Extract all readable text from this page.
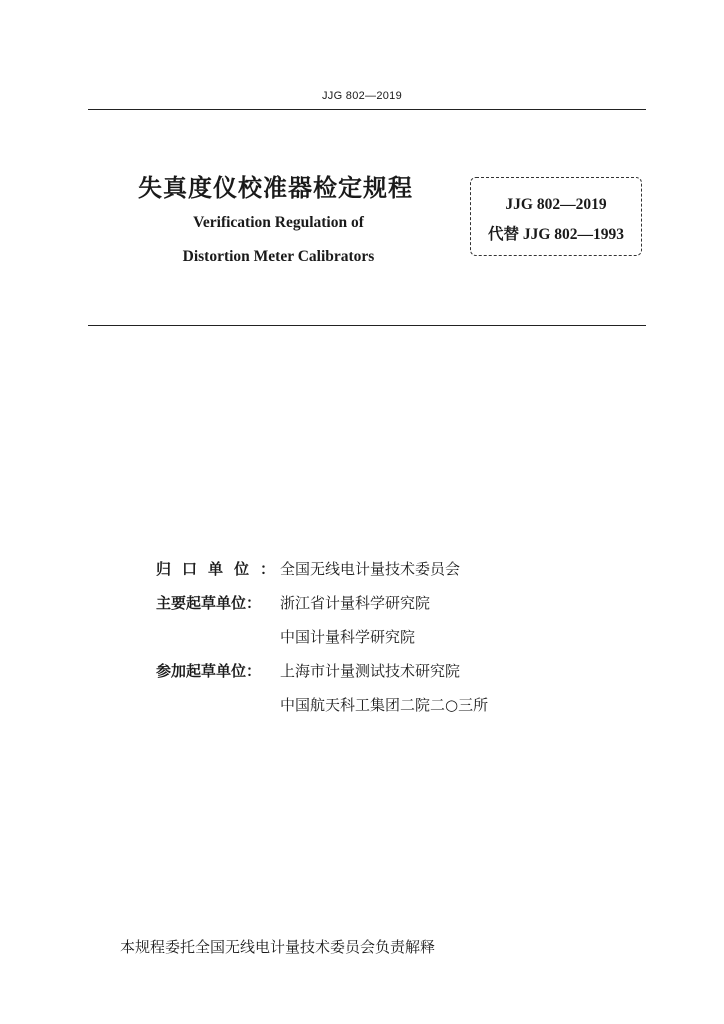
JJG 802—2019
失真度仪校准器检定规程
Verification Regulation of
Distortion Meter Calibrators
JJG 802—2019
代替 JJG 802—1993
归口单位：
全国无线电计量技术委员会
主要起草单位：	浙江省计量科学研究院
中国计量科学研究院
参加起草单位：	上海市计量测试技术研究院
中国航天科工集团二院二○三所
本规程委托全国无线电计量技术委员会负责解释
